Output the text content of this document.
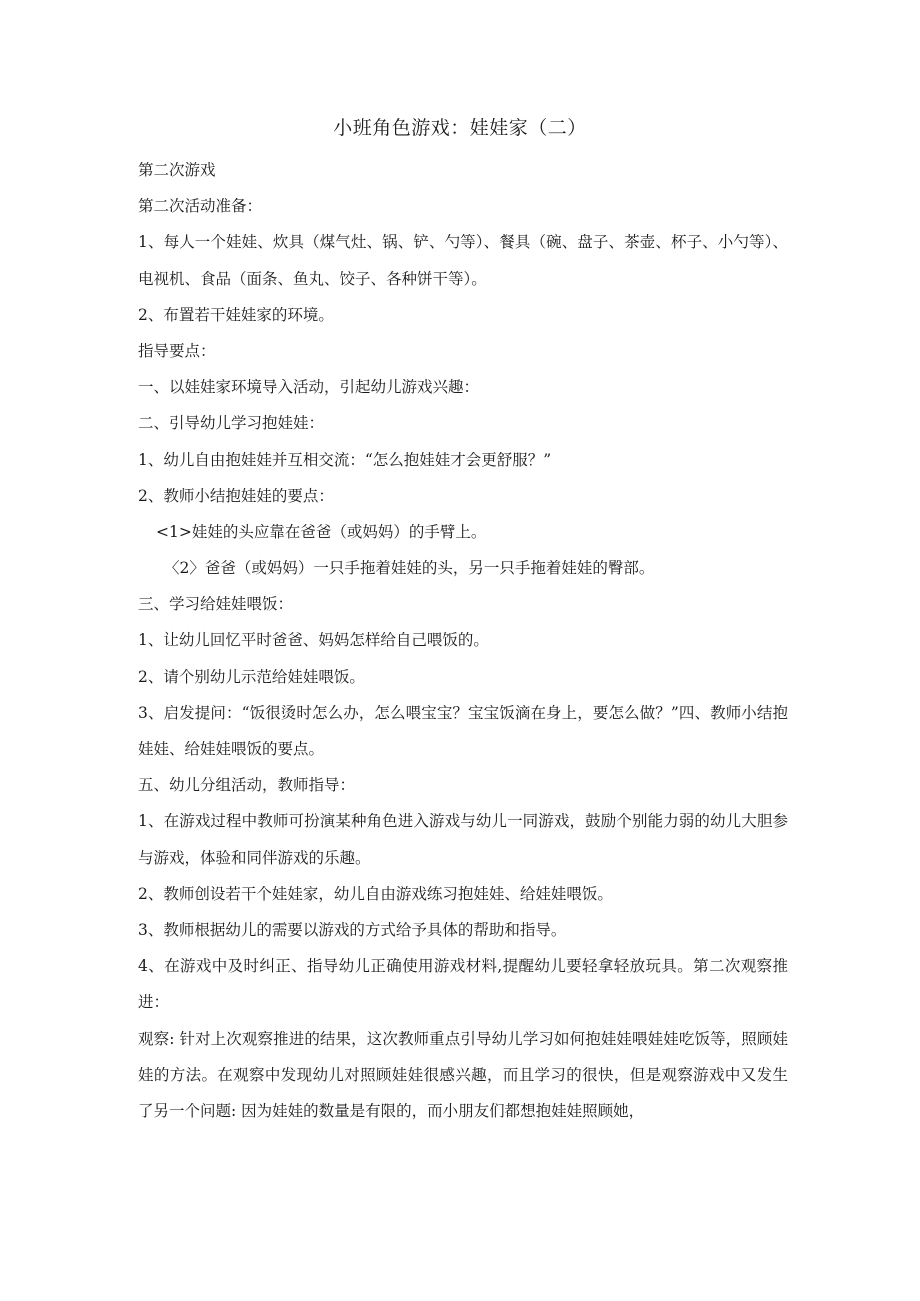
小班角色游戏：娃娃家（二）
第二次游戏
第二次活动准备：
1、每人一个娃娃、炊具（煤气灶、锅、铲、勺等）、餐具（碗、盘子、茶壶、杯子、小勺等）、电视机、食品（面条、鱼丸、饺子、各种饼干等）。
2、布置若干娃娃家的环境。
指导要点：
一、以娃娃家环境导入活动，引起幼儿游戏兴趣：
二、引导幼儿学习抱娃娃：
1、幼儿自由抱娃娃并互相交流：“怎么抱娃娃才会更舒服？”
2、教师小结抱娃娃的要点：
<1>娃娃的头应靠在爸爸（或妈妈）的手臂上。
〈2〉爸爸（或妈妈）一只手拖着娃娃的头，另一只手拖着娃娃的臀部。
三、学习给娃娃喂饭：
1、让幼儿回忆平时爸爸、妈妈怎样给自己喂饭的。
2、请个别幼儿示范给娃娃喂饭。
3、启发提问：“饭很烫时怎么办，怎么喂宝宝？宝宝饭滴在身上，要怎么做？”四、教师小结抱娃娃、给娃娃喂饭的要点。
五、幼儿分组活动，教师指导：
1、在游戏过程中教师可扮演某种角色进入游戏与幼儿一同游戏，鼓励个别能力弱的幼儿大胆参与游戏，体验和同伴游戏的乐趣。
2、教师创设若干个娃娃家，幼儿自由游戏练习抱娃娃、给娃娃喂饭。
3、教师根据幼儿的需要以游戏的方式给予具体的帮助和指导。
4、在游戏中及时纠正、指导幼儿正确使用游戏材料,提醒幼儿要轻拿轻放玩具。第二次观察推进：
观察: 针对上次观察推进的结果，这次教师重点引导幼儿学习如何抱娃娃喂娃娃吃饭等，照顾娃娃的方法。在观察中发现幼儿对照顾娃娃很感兴趣，而且学习的很快，但是观察游戏中又发生了另一个问题: 因为娃娃的数量是有限的，而小朋友们都想抱娃娃照顾她，
